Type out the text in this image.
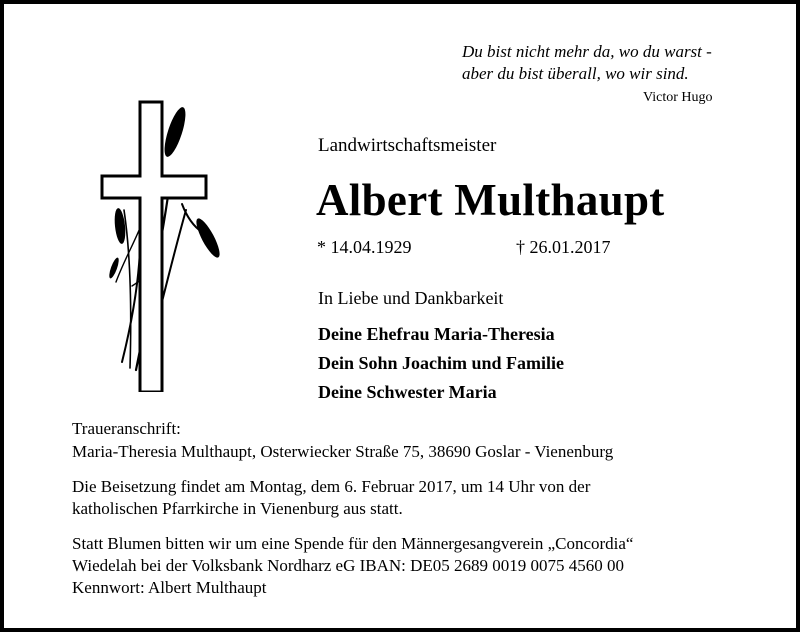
Du bist nicht mehr da, wo du warst -
aber du bist überall, wo wir sind.
Victor Hugo
Landwirtschaftsmeister
Albert Multhaupt
* 14.04.1929	† 26.01.2017
In Liebe und Dankbarkeit
Deine Ehefrau Maria-Theresia
Dein Sohn Joachim und Familie
Deine Schwester Maria
Traueranschrift:
Maria-Theresia Multhaupt, Osterwiecker Straße 75, 38690 Goslar - Vienenburg
Die Beisetzung findet am Montag, dem 6. Februar 2017, um 14 Uhr von der
katholischen Pfarrkirche in Vienenburg aus statt.
Statt Blumen bitten wir um eine Spende für den Männergesangverein „Concordia“
Wiedelah bei der Volksbank Nordharz eG IBAN: DE05 2689 0019 0075 4560 00
Kennwort: Albert Multhaupt
